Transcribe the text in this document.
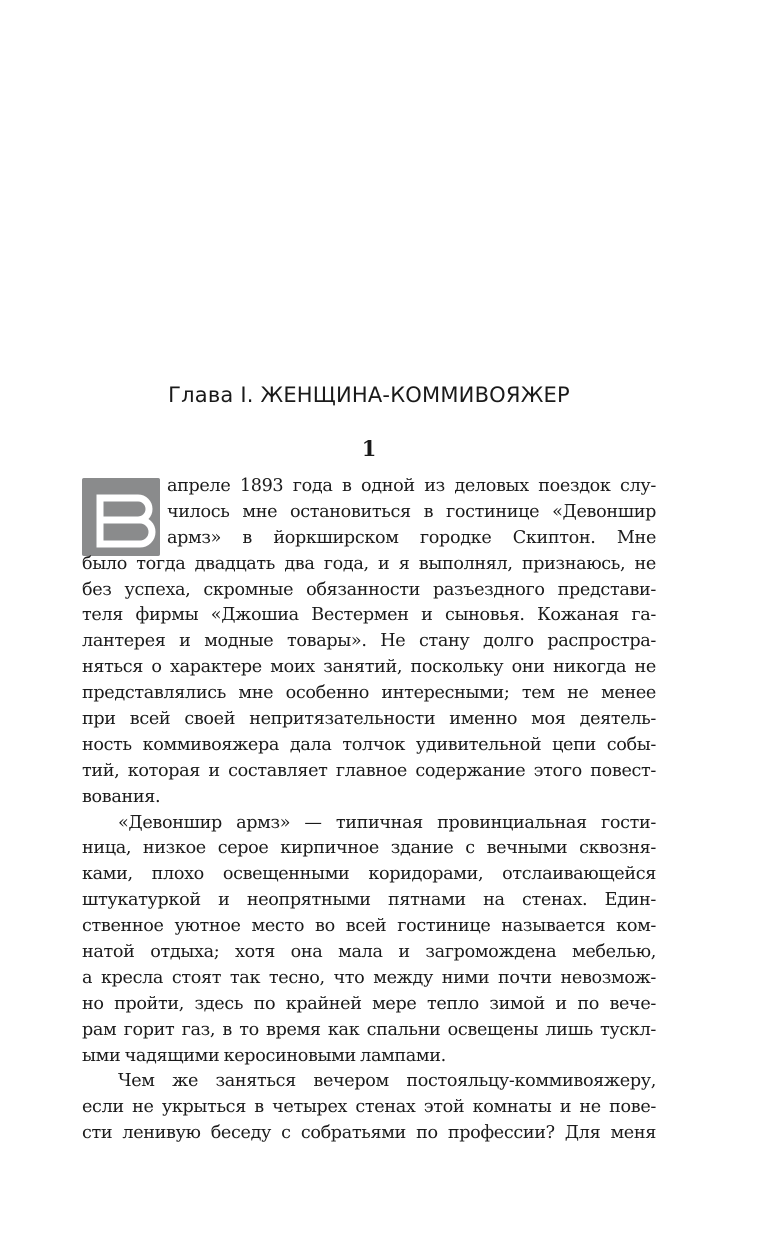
Глава I. ЖЕНЩИНА-КОММИВОЯЖЕР
1
апреле 1893 года в одной из деловых поездок слу-
чилось мне остановиться в гостинице «Девоншир
армз» в йоркширском городке Скиптон. Мне
было тогда двадцать два года, и я выполнял, признаюсь, не
без успеха, скромные обязанности разъездного представи-
теля фирмы «Джошиа Вестермен и сыновья. Кожаная га-
лантерея и модные товары». Не стану долго распростра-
няться о характере моих занятий, поскольку они никогда не
представлялись мне особенно интересными; тем не менее
при всей своей непритязательности именно моя деятель-
ность коммивояжера дала толчок удивительной цепи собы-
тий, которая и составляет главное содержание этого повест-
вования.
«Девоншир армз» — типичная провинциальная гости-
ница, низкое серое кирпичное здание с вечными сквозня-
ками, плохо освещенными коридорами, отслаивающейся
штукатуркой и неопрятными пятнами на стенах. Един-
ственное уютное место во всей гостинице называется ком-
натой отдыха; хотя она мала и загромождена мебелью,
а кресла стоят так тесно, что между ними почти невозмож-
но пройти, здесь по крайней мере тепло зимой и по вече-
рам горит газ, в то время как спальни освещены лишь тускл-
ыми чадящими керосиновыми лампами.
Чем же заняться вечером постояльцу-коммивояжеру,
если не укрыться в четырех стенах этой комнаты и не повe-
сти ленивую беседу с собратьями по профессии? Для меня
